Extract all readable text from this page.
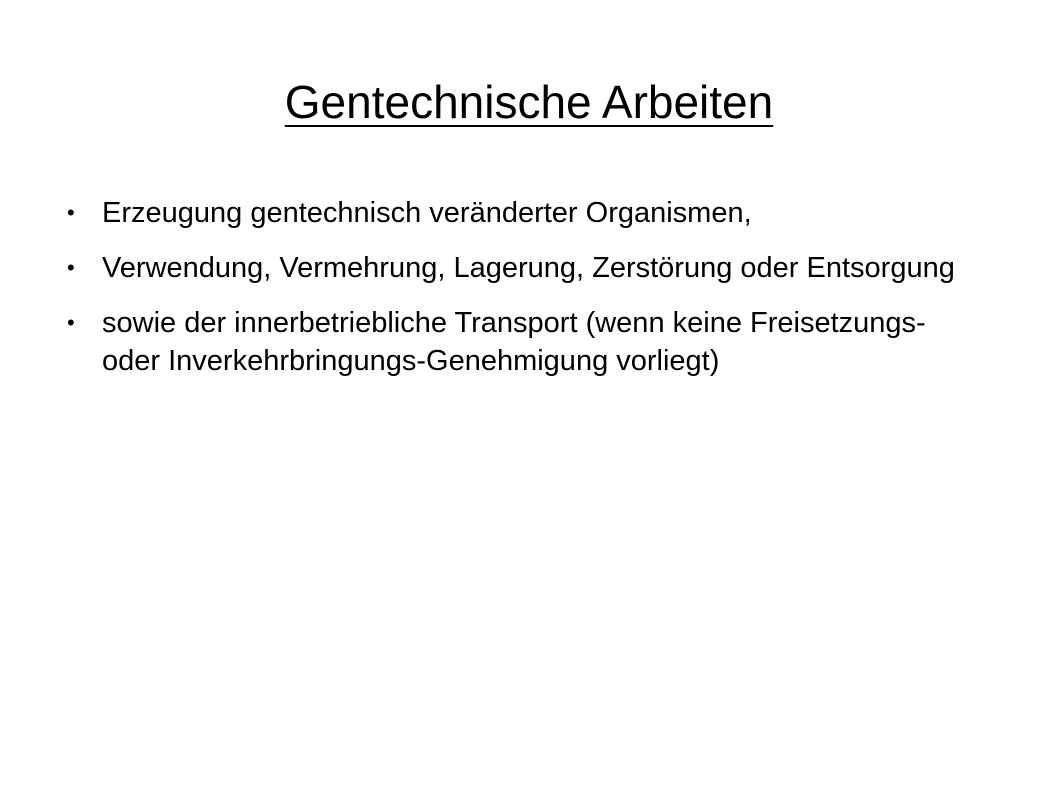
Gentechnische Arbeiten
• Erzeugung gentechnisch veränderter Organismen,
• Verwendung, Vermehrung, Lagerung, Zerstörung oder Entsorgung
• sowie der innerbetriebliche Transport (wenn keine Freisetzungs- oder Inverkehrbringungs-Genehmigung vorliegt)
